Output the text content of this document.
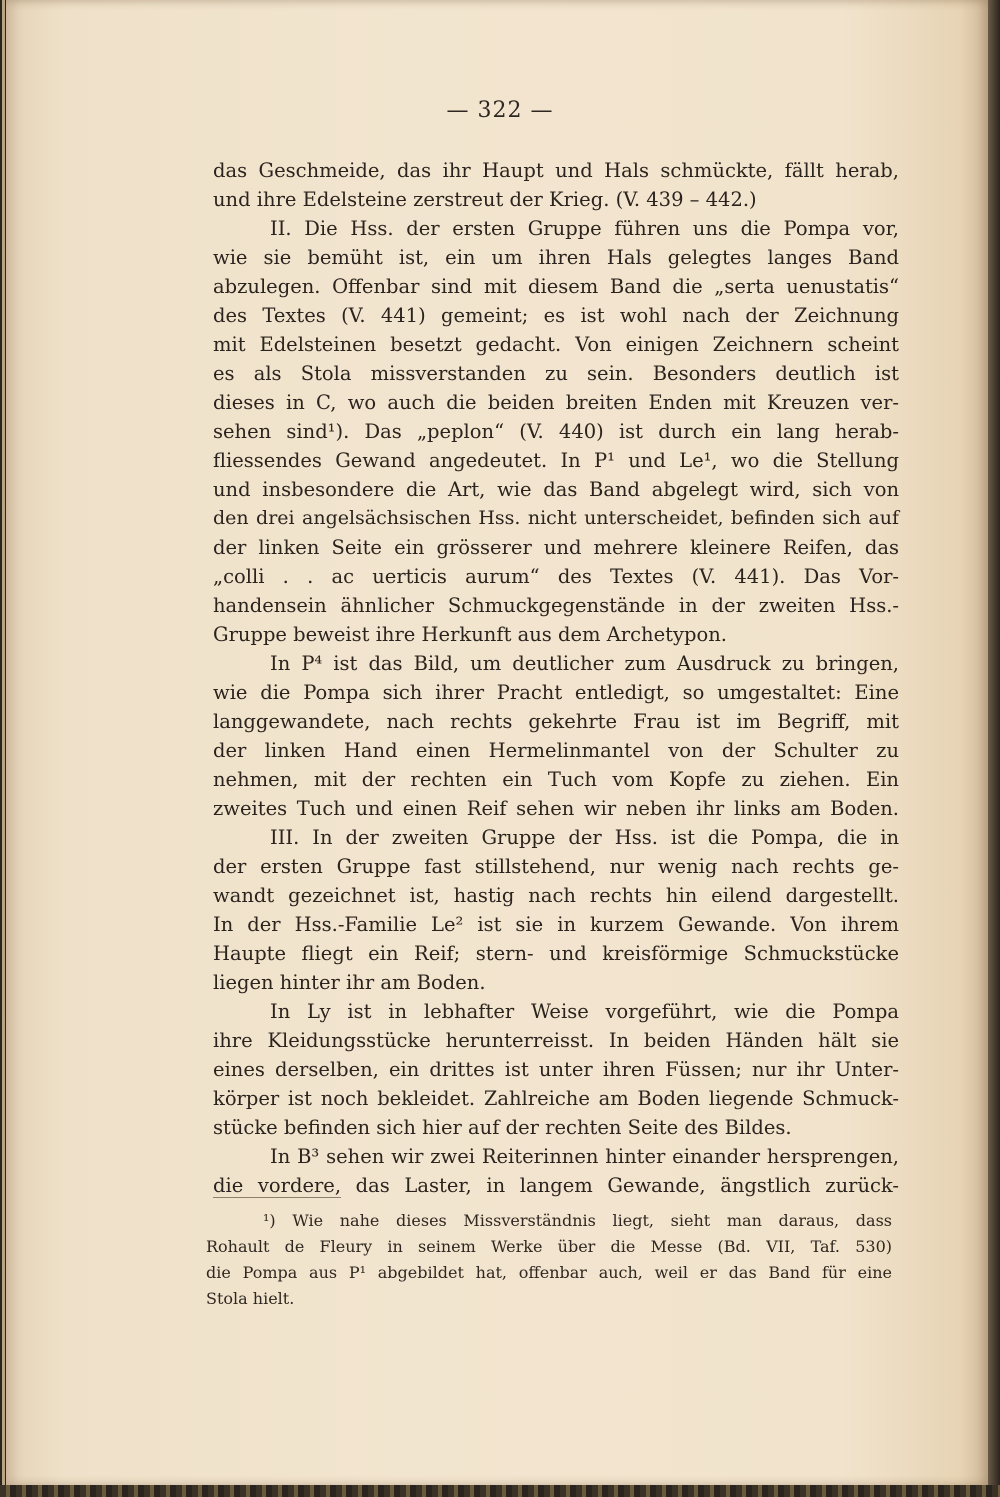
— 322 —
das Geschmeide, das ihr Haupt und Hals schmückte, fällt herab,
und ihre Edelsteine zerstreut der Krieg. (V. 439 – 442.)
II. Die Hss. der ersten Gruppe führen uns die Pompa vor,
wie sie bemüht ist, ein um ihren Hals gelegtes langes Band
abzulegen. Offenbar sind mit diesem Band die „serta uenustatis“
des Textes (V. 441) gemeint; es ist wohl nach der Zeichnung
mit Edelsteinen besetzt gedacht. Von einigen Zeichnern scheint
es als Stola missverstanden zu sein. Besonders deutlich ist
dieses in C, wo auch die beiden breiten Enden mit Kreuzen ver-
sehen sind¹). Das „peplon“ (V. 440) ist durch ein lang herab-
fliessendes Gewand angedeutet. In P¹ und Le¹, wo die Stellung
und insbesondere die Art, wie das Band abgelegt wird, sich von
den drei angelsächsischen Hss. nicht unterscheidet, befinden sich auf
der linken Seite ein grösserer und mehrere kleinere Reifen, das
„colli . . ac uerticis aurum“ des Textes (V. 441). Das Vor-
handensein ähnlicher Schmuckgegenstände in der zweiten Hss.-
Gruppe beweist ihre Herkunft aus dem Archetypon.
In P⁴ ist das Bild, um deutlicher zum Ausdruck zu bringen,
wie die Pompa sich ihrer Pracht entledigt, so umgestaltet: Eine
langgewandete, nach rechts gekehrte Frau ist im Begriff, mit
der linken Hand einen Hermelinmantel von der Schulter zu
nehmen, mit der rechten ein Tuch vom Kopfe zu ziehen. Ein
zweites Tuch und einen Reif sehen wir neben ihr links am Boden.
III. In der zweiten Gruppe der Hss. ist die Pompa, die in
der ersten Gruppe fast stillstehend, nur wenig nach rechts ge-
wandt gezeichnet ist, hastig nach rechts hin eilend dargestellt.
In der Hss.-Familie Le² ist sie in kurzem Gewande. Von ihrem
Haupte fliegt ein Reif; stern- und kreisförmige Schmuckstücke
liegen hinter ihr am Boden.
In Ly ist in lebhafter Weise vorgeführt, wie die Pompa
ihre Kleidungsstücke herunterreisst. In beiden Händen hält sie
eines derselben, ein drittes ist unter ihren Füssen; nur ihr Unter-
körper ist noch bekleidet. Zahlreiche am Boden liegende Schmuck-
stücke befinden sich hier auf der rechten Seite des Bildes.
In B³ sehen wir zwei Reiterinnen hinter einander hersprengen,
die vordere, das Laster, in langem Gewande, ängstlich zurück-
¹) Wie nahe dieses Missverständnis liegt, sieht man daraus, dass
Rohault de Fleury in seinem Werke über die Messe (Bd. VII, Taf. 530)
die Pompa aus P¹ abgebildet hat, offenbar auch, weil er das Band für eine
Stola hielt.
